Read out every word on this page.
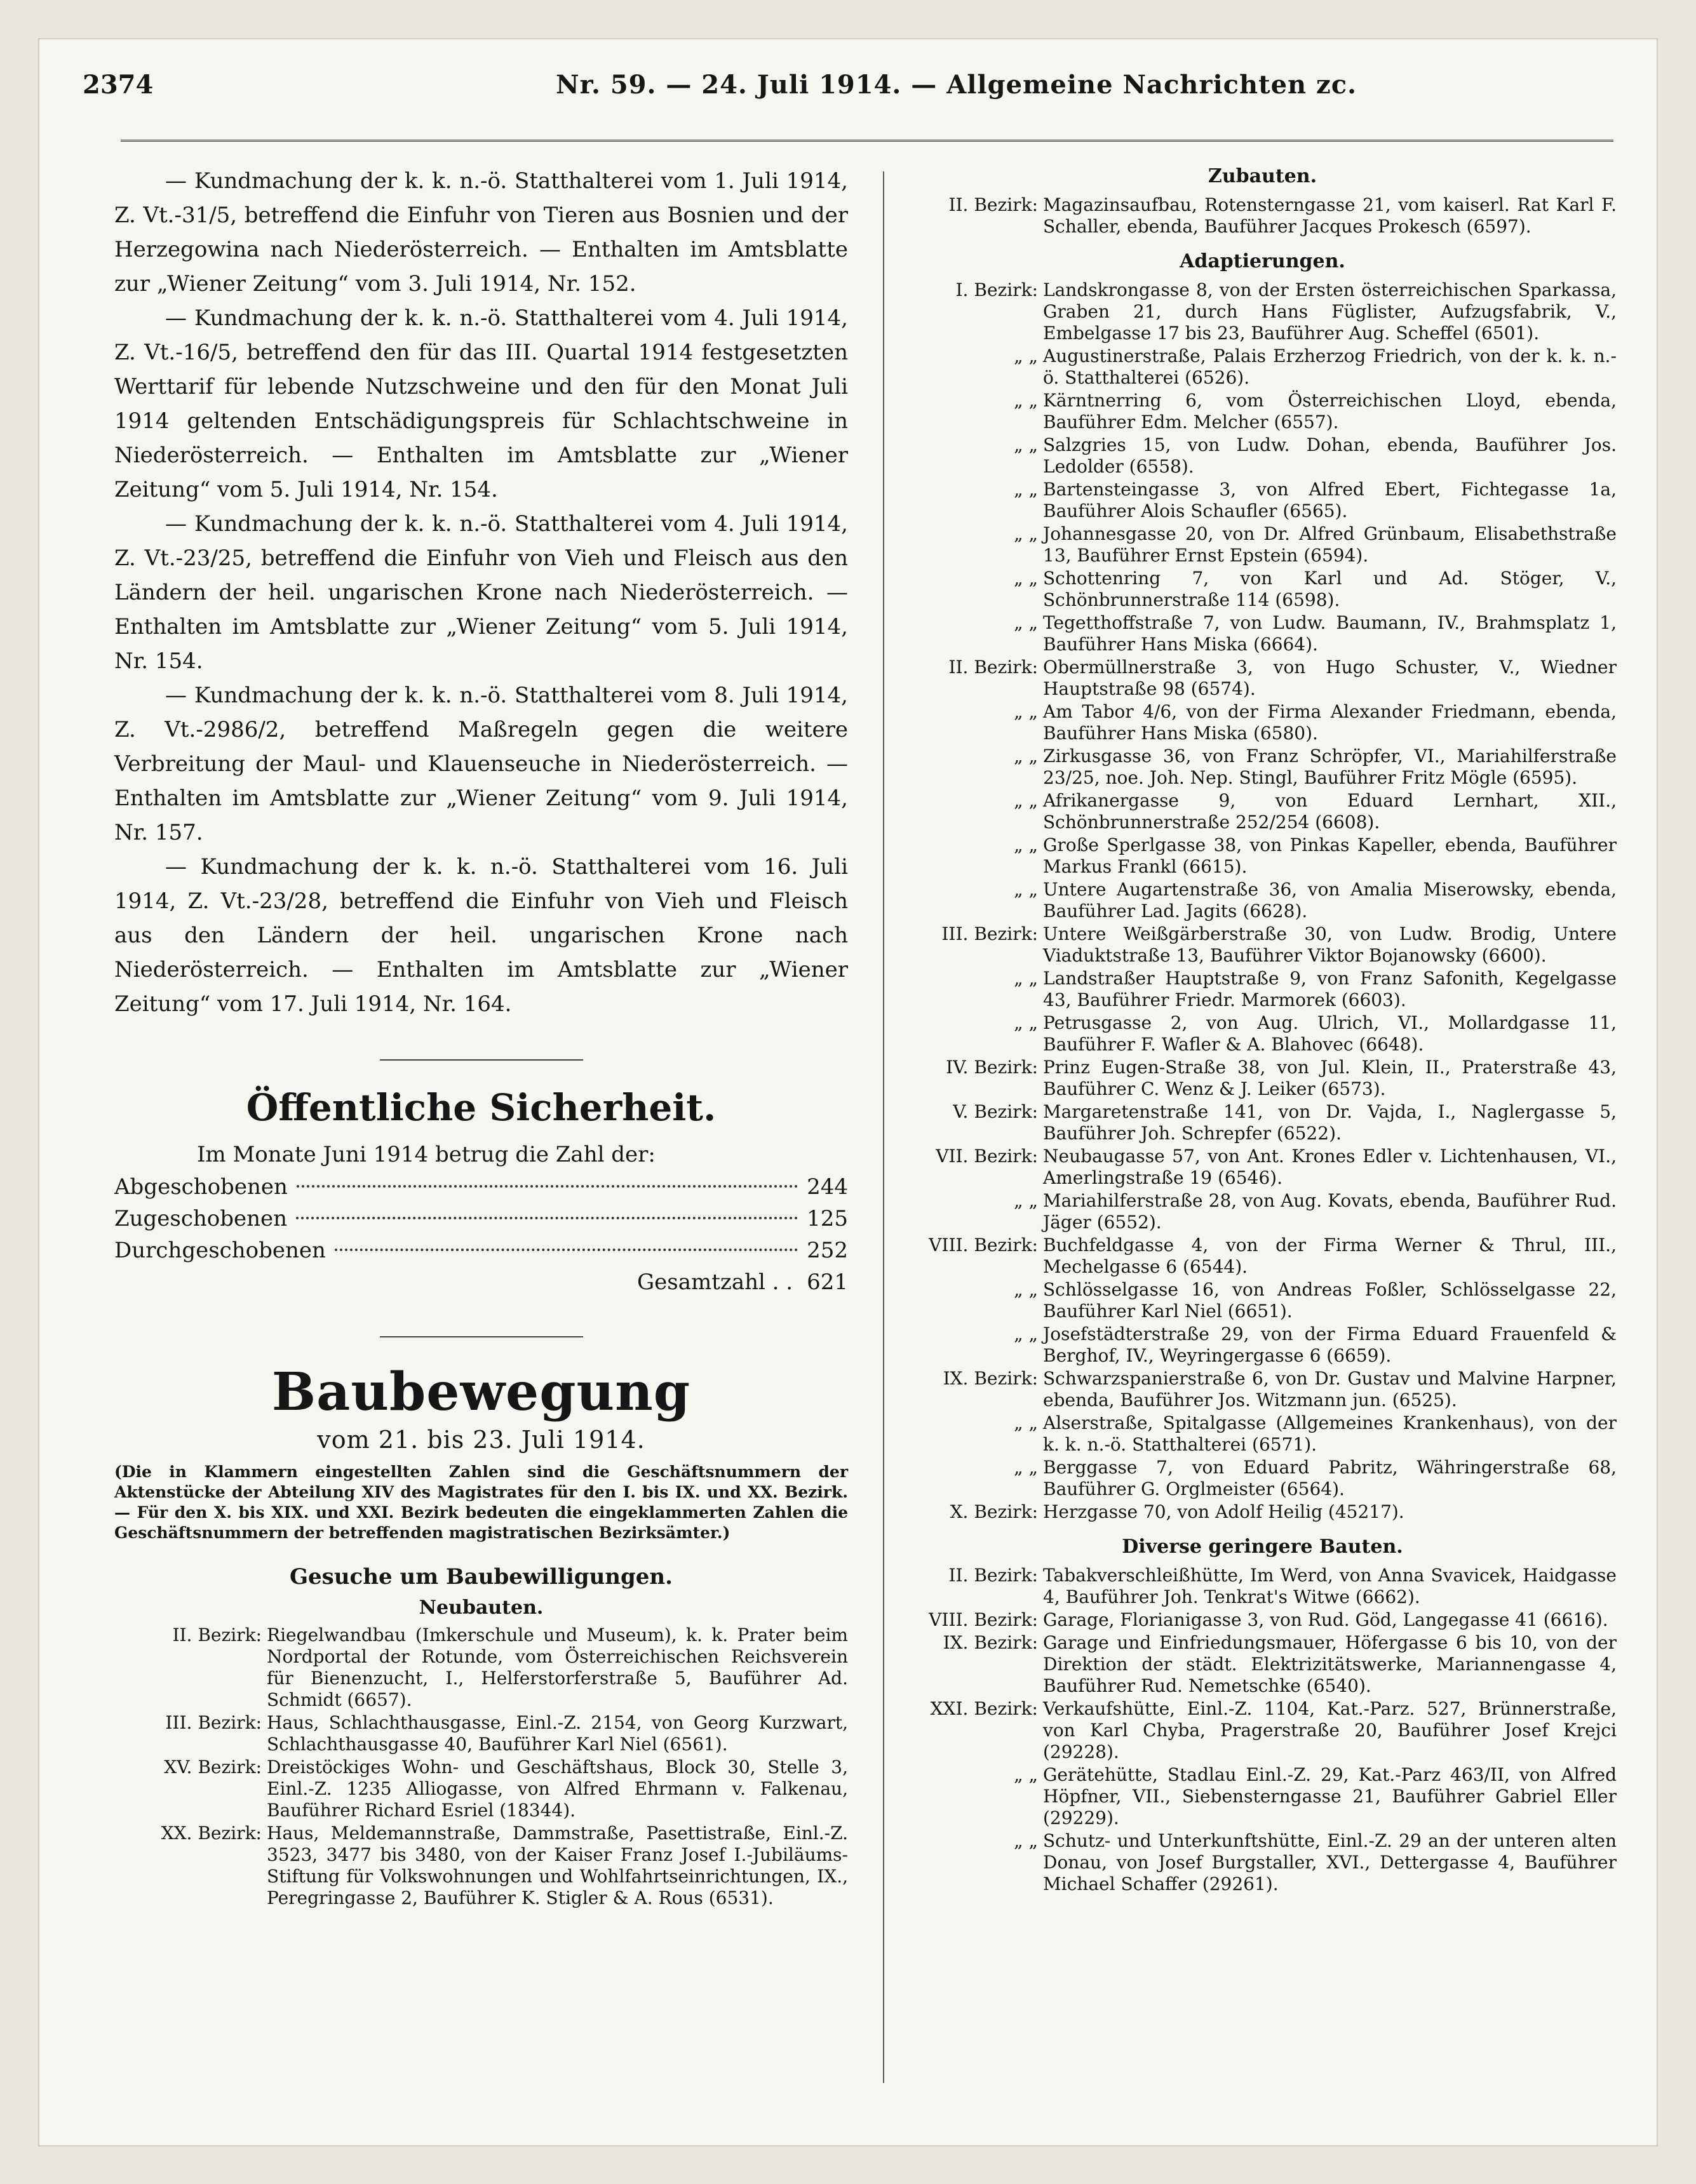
2374	Nr. 59. — 24. Juli 1914. — Allgemeine Nachrichten zc.

— Kundmachung der k. k. n.-ö. Statthalterei vom 1. Juli 1914, Z. Vt.-31/5, betreffend die Einfuhr von Tieren aus Bosnien und der Herzegowina nach Niederösterreich. — Enthalten im Amtsblatte zur „Wiener Zeitung“ vom 3. Juli 1914, Nr. 152.

— Kundmachung der k. k. n.-ö. Statthalterei vom 4. Juli 1914, Z. Vt.-16/5, betreffend den für das III. Quartal 1914 festgesetzten Werttarif für lebende Nutzschweine und den für den Monat Juli 1914 geltenden Entschädigungspreis für Schlachtschweine in Niederösterreich. — Enthalten im Amtsblatte zur „Wiener Zeitung“ vom 5. Juli 1914, Nr. 154.

— Kundmachung der k. k. n.-ö. Statthalterei vom 4. Juli 1914, Z. Vt.-23/25, betreffend die Einfuhr von Vieh und Fleisch aus den Ländern der heil. ungarischen Krone nach Niederösterreich. — Enthalten im Amtsblatte zur „Wiener Zeitung“ vom 5. Juli 1914, Nr. 154.

— Kundmachung der k. k. n.-ö. Statthalterei vom 8. Juli 1914, Z. Vt.-2986/2, betreffend Maßregeln gegen die weitere Verbreitung der Maul- und Klauenseuche in Niederösterreich. — Enthalten im Amtsblatte zur „Wiener Zeitung“ vom 9. Juli 1914, Nr. 157.

— Kundmachung der k. k. n.-ö. Statthalterei vom 16. Juli 1914, Z. Vt.-23/28, betreffend die Einfuhr von Vieh und Fleisch aus den Ländern der heil. ungarischen Krone nach Niederösterreich. — Enthalten im Amtsblatte zur „Wiener Zeitung“ vom 17. Juli 1914, Nr. 164.

Öffentliche Sicherheit.

Im Monate Juni 1914 betrug die Zahl der:

Abgeschobenen	244
Zugeschobenen	125
Durchgeschobenen	252
Gesamtzahl . . 621
Baubewegung
vom 21. bis 23. Juli 1914.

(Die in Klammern eingestellten Zahlen sind die Geschäftsnummern der Aktenstücke der Abteilung XIV des Magistrates für den I. bis IX. und XX. Bezirk. — Für den X. bis XIX. und XXI. Bezirk bedeuten die eingeklammerten Zahlen die Geschäftsnummern der betreffenden magistratischen Bezirksämter.)

Gesuche um Baubewilligungen.
Neubauten.
II. Bezirk: Riegelwandbau (Imkerschule und Museum), k. k. Prater beim Nordportal der Rotunde, vom Österreichischen Reichsverein für Bienenzucht, I., Helferstorferstraße 5, Bauführer Ad. Schmidt (6657).
III. Bezirk: Haus, Schlachthausgasse, Einl.-Z. 2154, von Georg Kurzwart, Schlachthausgasse 40, Bauführer Karl Niel (6561).
XV. Bezirk: Dreistöckiges Wohn- und Geschäftshaus, Block 30, Stelle 3, Einl.-Z. 1235 Alliogasse, von Alfred Ehrmann v. Falkenau, Bauführer Richard Esriel (18344).
XX. Bezirk: Haus, Meldemannstraße, Dammstraße, Pasettistraße, Einl.-Z. 3523, 3477 bis 3480, von der Kaiser Franz Josef I.-Jubiläums-Stiftung für Volkswohnungen und Wohlfahrtseinrichtungen, IX., Peregringasse 2, Bauführer K. Stigler & A. Rous (6531).
Zubauten.
II. Bezirk: Magazinsaufbau, Rotensterngasse 21, vom kaiserl. Rat Karl F. Schaller, ebenda, Bauführer Jacques Prokesch (6597).
Adaptierungen.
I. Bezirk: Landskrongasse 8, von der Ersten österreichischen Sparkassa, Graben 21, durch Hans Füglister, Aufzugsfabrik, V., Embelgasse 17 bis 23, Bauführer Aug. Scheffel (6501).
„ „ Augustinerstraße, Palais Erzherzog Friedrich, von der k. k. n.-ö. Statthalterei (6526).
„ „ Kärntnerring 6, vom Österreichischen Lloyd, ebenda, Bauführer Edm. Melcher (6557).
„ „ Salzgries 15, von Ludw. Dohan, ebenda, Bauführer Jos. Ledolder (6558).
„ „ Bartensteingasse 3, von Alfred Ebert, Fichtegasse 1a, Bauführer Alois Schaufler (6565).
„ „ Johannesgasse 20, von Dr. Alfred Grünbaum, Elisabethstraße 13, Bauführer Ernst Epstein (6594).
„ „ Schottenring 7, von Karl und Ad. Stöger, V., Schönbrunnerstraße 114 (6598).
„ „ Tegetthoffstraße 7, von Ludw. Baumann, IV., Brahmsplatz 1, Bauführer Hans Miska (6664).
II. Bezirk: Obermüllnerstraße 3, von Hugo Schuster, V., Wiedner Hauptstraße 98 (6574).
„ „ Am Tabor 4/6, von der Firma Alexander Friedmann, ebenda, Bauführer Hans Miska (6580).
„ „ Zirkusgasse 36, von Franz Schröpfer, VI., Mariahilferstraße 23/25, noe. Joh. Nep. Stingl, Bauführer Fritz Mögle (6595).
„ „ Afrikanergasse 9, von Eduard Lernhart, XII., Schönbrunnerstraße 252/254 (6608).
„ „ Große Sperlgasse 38, von Pinkas Kapeller, ebenda, Bauführer Markus Frankl (6615).
„ „ Untere Augartenstraße 36, von Amalia Miserowsky, ebenda, Bauführer Lad. Jagits (6628).
III. Bezirk: Untere Weißgärberstraße 30, von Ludw. Brodig, Untere Viaduktstraße 13, Bauführer Viktor Bojanowsky (6600).
„ „ Landstraßer Hauptstraße 9, von Franz Safonith, Kegelgasse 43, Bauführer Friedr. Marmorek (6603).
„ „ Petrusgasse 2, von Aug. Ulrich, VI., Mollardgasse 11, Bauführer F. Wafler & A. Blahovec (6648).
IV. Bezirk: Prinz Eugen-Straße 38, von Jul. Klein, II., Praterstraße 43, Bauführer C. Wenz & J. Leiker (6573).
V. Bezirk: Margaretenstraße 141, von Dr. Vajda, I., Naglergasse 5, Bauführer Joh. Schrepfer (6522).
VII. Bezirk: Neubaugasse 57, von Ant. Krones Edler v. Lichtenhausen, VI., Amerlingstraße 19 (6546).
„ „ Mariahilferstraße 28, von Aug. Kovats, ebenda, Bauführer Rud. Jäger (6552).
VIII. Bezirk: Buchfeldgasse 4, von der Firma Werner & Thrul, III., Mechelgasse 6 (6544).
„ „ Schlösselgasse 16, von Andreas Foßler, Schlösselgasse 22, Bauführer Karl Niel (6651).
„ „ Josefstädterstraße 29, von der Firma Eduard Frauenfeld & Berghof, IV., Weyringergasse 6 (6659).
IX. Bezirk: Schwarzspanierstraße 6, von Dr. Gustav und Malvine Harpner, ebenda, Bauführer Jos. Witzmann jun. (6525).
„ „ Alserstraße, Spitalgasse (Allgemeines Krankenhaus), von der k. k. n.-ö. Statthalterei (6571).
„ „ Berggasse 7, von Eduard Pabritz, Währingerstraße 68, Bauführer G. Orglmeister (6564).
X. Bezirk: Herzgasse 70, von Adolf Heilig (45217).
Diverse geringere Bauten.
II. Bezirk: Tabakverschleißhütte, Im Werd, von Anna Svavicek, Haidgasse 4, Bauführer Joh. Tenkrat's Witwe (6662).
VIII. Bezirk: Garage, Florianigasse 3, von Rud. Göd, Langegasse 41 (6616).
IX. Bezirk: Garage und Einfriedungsmauer, Höfergasse 6 bis 10, von der Direktion der städt. Elektrizitätswerke, Mariannengasse 4, Bauführer Rud. Nemetschke (6540).
XXI. Bezirk: Verkaufshütte, Einl.-Z. 1104, Kat.-Parz. 527, Brünnerstraße, von Karl Chyba, Pragerstraße 20, Bauführer Josef Krejci (29228).
„ „ Gerätehütte, Stadlau Einl.-Z. 29, Kat.-Parz 463/II, von Alfred Höpfner, VII., Siebensterngasse 21, Bauführer Gabriel Eller (29229).
„ „ Schutz- und Unterkunftshütte, Einl.-Z. 29 an der unteren alten Donau, von Josef Burgstaller, XVI., Dettergasse 4, Bauführer Michael Schaffer (29261).
